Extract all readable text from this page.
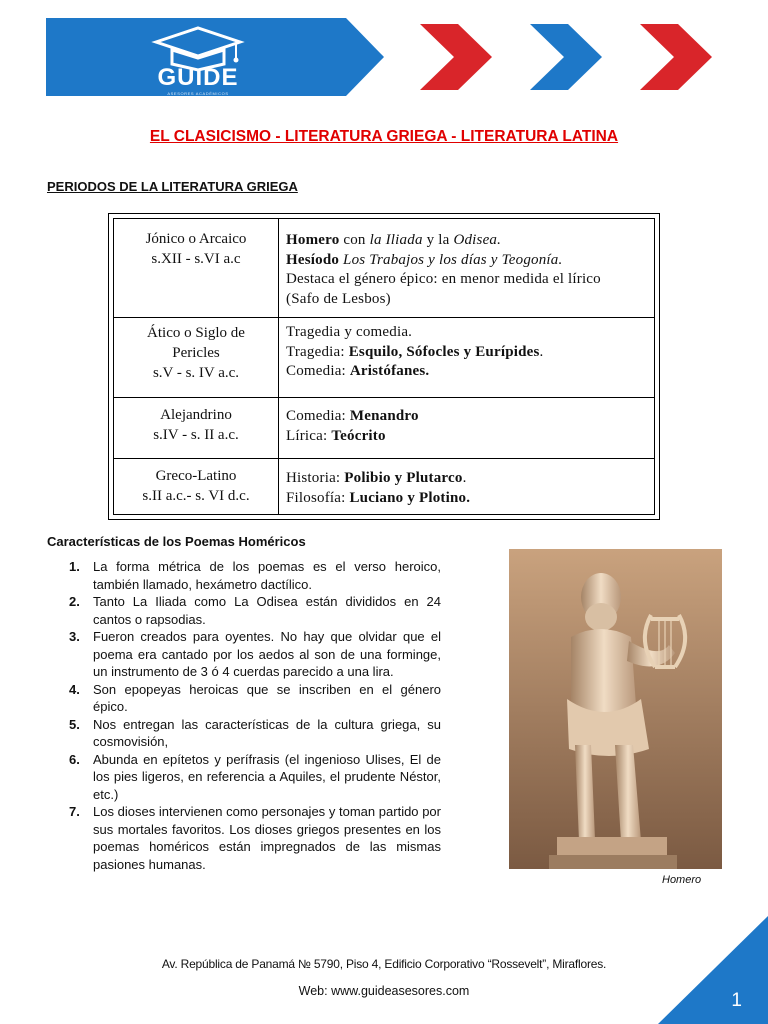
GUIDE
ASESORES ACADÉMICOS
EL CLASICISMO - LITERATURA GRIEGA - LITERATURA LATINA
PERIODOS DE LA LITERATURA GRIEGA
Jónico o Arcaico
s.XII - s.VI a.c
Homero con la Iliada y la Odisea.
Hesíodo Los Trabajos y los días y Teogonía.
Destaca el género épico: en menor medida el lírico
(Safo de Lesbos)
Ático o Siglo de
Pericles
s.V - s. IV a.c.
Tragedia y comedia.
Tragedia: Esquilo, Sófocles y Eurípides.
Comedia: Aristófanes.
Alejandrino
s.IV - s. II a.c.
Comedia: Menandro
Lírica: Teócrito
Greco-Latino
s.II a.c.- s. VI d.c.
Historia: Polibio y Plutarco.
Filosofía: Luciano y Plotino.
Características de los Poemas Homéricos
1. La forma métrica de los poemas es el verso heroico, también llamado, hexámetro dactílico.
2. Tanto La Iliada como La Odisea están divididos en 24 cantos o rapsodias.
3. Fueron creados para oyentes. No hay que olvidar que el poema era cantado por los aedos al son de una forminge, un instrumento de 3 ó 4 cuerdas parecido a una lira.
4. Son epopeyas heroicas que se inscriben en el género épico.
5. Nos entregan las características de la cultura griega, su cosmovisión,
6. Abunda en epítetos y perífrasis (el ingenioso Ulises, El de los pies ligeros, en referencia a Aquiles, el prudente Néstor, etc.)
7. Los dioses intervienen como personajes y toman partido por sus mortales favoritos. Los dioses griegos presentes en los poemas homéricos están impregnados de las mismas pasiones humanas.
Homero
Av. República de Panamá № 5790, Piso 4, Edificio Corporativo “Rossevelt”, Miraflores.
Web: www.guideasesores.com	1
